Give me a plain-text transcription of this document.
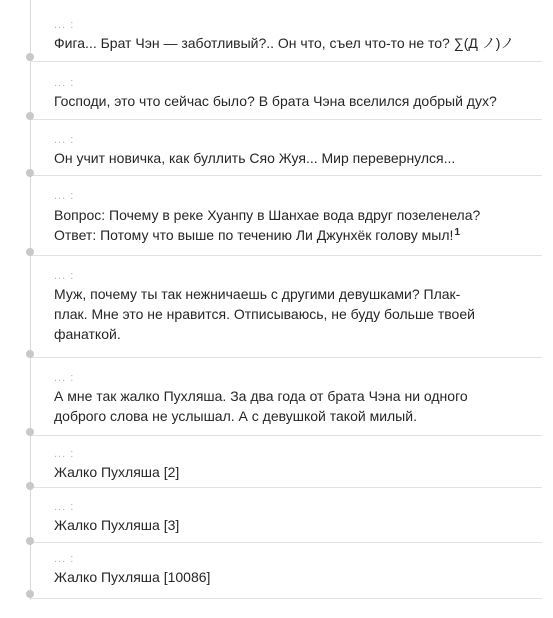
... :
Фига... Брат Чэн — заботливый?.. Он что, съел что-то не то? ∑(Д ノ)ノ
... :
Господи, это что сейчас было? В брата Чэна вселился добрый дух?
... :
Он учит новичка, как буллить Сяо Жуя... Мир перевернулся...
... :
Вопрос: Почему в реке Хуанпу в Шанхае вода вдруг позеленела?
Ответ: Потому что выше по течению Ли Джунхёк голову мыл!$^1$
... :
Муж, почему ты так нежничаешь с другими девушками? Плак-
плак. Мне это не нравится. Отписываюсь, не буду больше твоей
фанаткой.
... :
А мне так жалко Пухляша. За два года от брата Чэна ни одного
доброго слова не услышал. А с девушкой такой милый.
... :
Жалко Пухляша [2]
... :
Жалко Пухляша [3]
... :
Жалко Пухляша [10086]
